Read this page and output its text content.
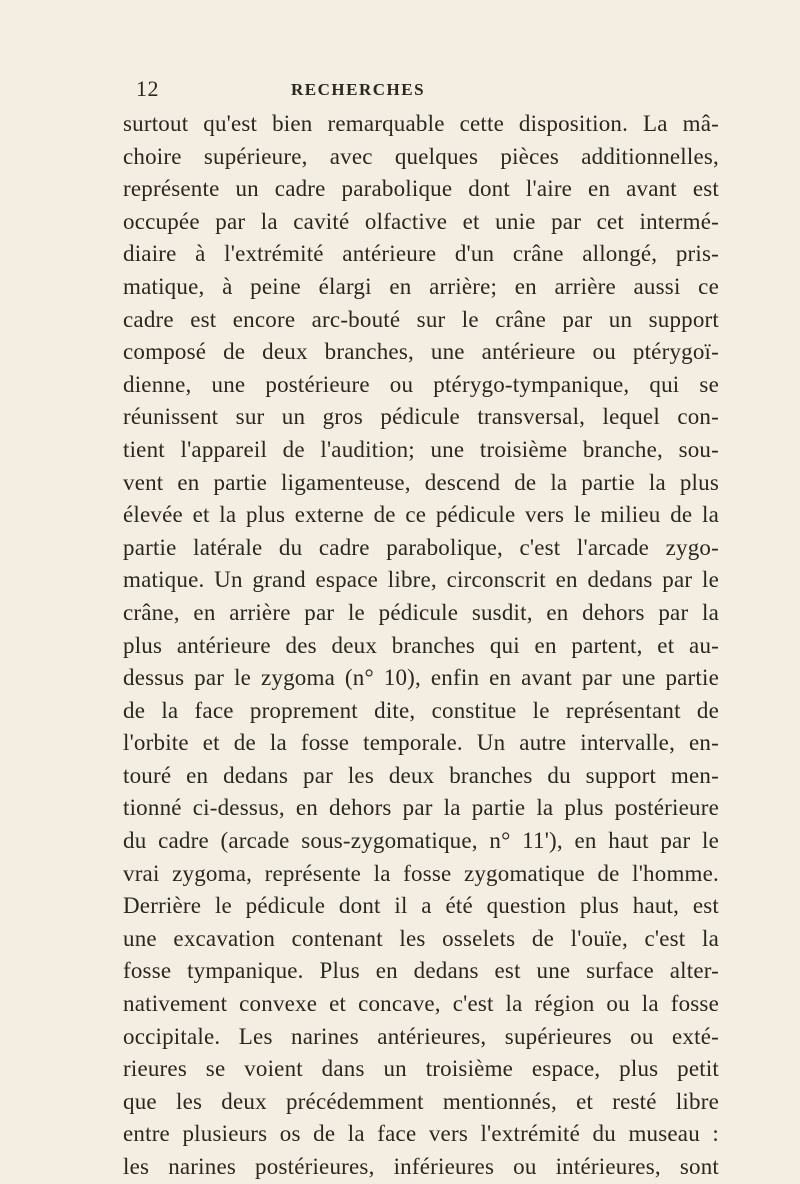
12	RECHERCHES
surtout qu'est bien remarquable cette disposition. La mâ-
choire supérieure, avec quelques pièces additionnelles,
représente un cadre parabolique dont l'aire en avant est
occupée par la cavité olfactive et unie par cet intermé-
diaire à l'extrémité antérieure d'un crâne allongé, pris-
matique, à peine élargi en arrière; en arrière aussi ce
cadre est encore arc-bouté sur le crâne par un support
composé de deux branches, une antérieure ou ptérygoï-
dienne, une postérieure ou ptérygo-tympanique, qui se
réunissent sur un gros pédicule transversal, lequel con-
tient l'appareil de l'audition; une troisième branche, sou-
vent en partie ligamenteuse, descend de la partie la plus
élevée et la plus externe de ce pédicule vers le milieu de la
partie latérale du cadre parabolique, c'est l'arcade zygo-
matique. Un grand espace libre, circonscrit en dedans par le
crâne, en arrière par le pédicule susdit, en dehors par la
plus antérieure des deux branches qui en partent, et au-
dessus par le zygoma (n° 10), enfin en avant par une partie
de la face proprement dite, constitue le représentant de
l'orbite et de la fosse temporale. Un autre intervalle, en-
touré en dedans par les deux branches du support men-
tionné ci-dessus, en dehors par la partie la plus postérieure
du cadre (arcade sous-zygomatique, n° 11'), en haut par le
vrai zygoma, représente la fosse zygomatique de l'homme.
Derrière le pédicule dont il a été question plus haut, est
une excavation contenant les osselets de l'ouïe, c'est la
fosse tympanique. Plus en dedans est une surface alter-
nativement convexe et concave, c'est la région ou la fosse
occipitale. Les narines antérieures, supérieures ou exté-
rieures se voient dans un troisième espace, plus petit
que les deux précédemment mentionnés, et resté libre
entre plusieurs os de la face vers l'extrémité du museau :
les narines postérieures, inférieures ou intérieures, sont
